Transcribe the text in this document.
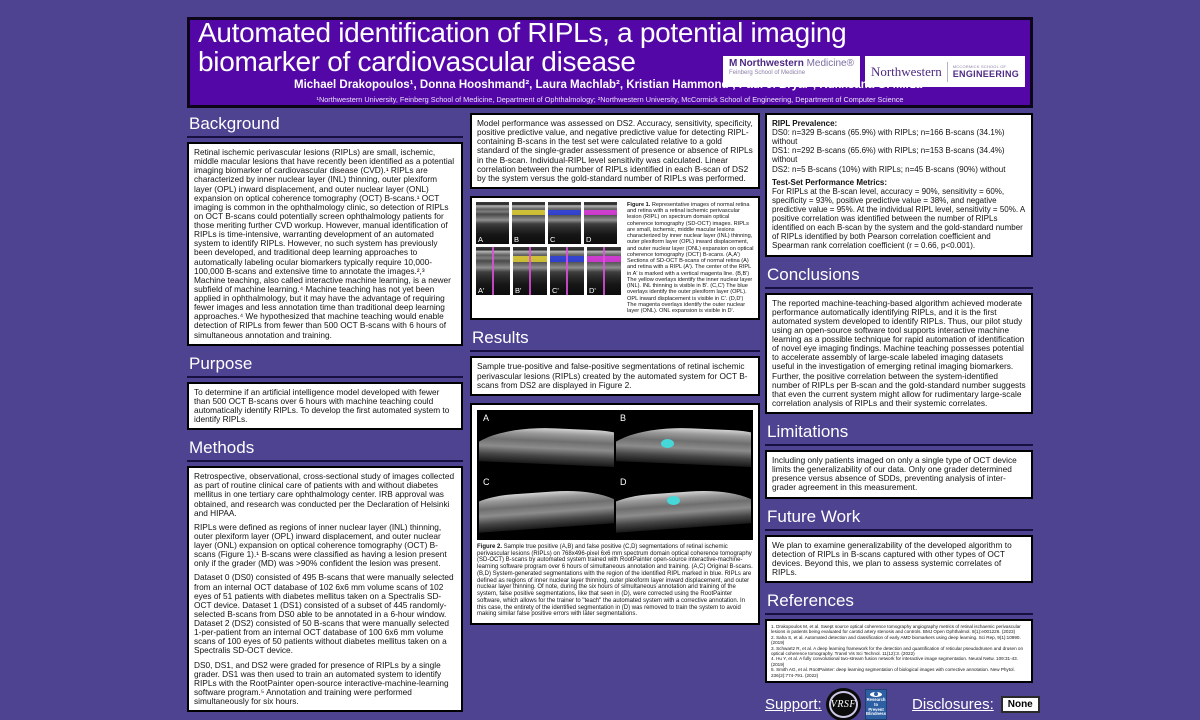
Automated identification of RIPLs, a potential imaging
biomarker of cardiovascular disease	M Northwestern Medicine®
Feinberg School of Medicine	Northwestern	MCCORMICK SCHOOL OF
ENGINEERING
Michael Drakopoulos¹, Donna Hooshmand², Laura Machlab², Kristian Hammond², Paul J. Bryar¹, Rukhsana G. Mirza¹
¹Northwestern University, Feinberg School of Medicine, Department of Ophthalmology; ²Northwestern University, McCormick School of Engineering, Department of Computer Science
Background
Retinal ischemic perivascular lesions (RIPLs) are small, ischemic, middle macular lesions that have recently been identified as a potential imaging biomarker of cardiovascular disease (CVD).¹ RIPLs are characterized by inner nuclear layer (INL) thinning, outer plexiform layer (OPL) inward displacement, and outer nuclear layer (ONL) expansion on optical coherence tomography (OCT) B-scans.¹ OCT imaging is common in the ophthalmology clinic, so detection of RIPLs on OCT B-scans could potentially screen ophthalmology patients for those meriting further CVD workup. However, manual identification of RIPLs is time-intensive, warranting development of an automated system to identify RIPLs. However, no such system has previously been developed, and traditional deep learning approaches to automatically labeling ocular biomarkers typically require 10,000-100,000 B-scans and extensive time to annotate the images.²,³ Machine teaching, also called interactive machine learning, is a newer subfield of machine learning.⁴ Machine teaching has not yet been applied in ophthalmology, but it may have the advantage of requiring fewer images and less annotation time than traditional deep learning approaches.⁴ We hypothesized that machine teaching would enable detection of RIPLs from fewer than 500 OCT B-scans with 6 hours of simultaneous annotation and training.
Purpose
To determine if an artificial intelligence model developed with fewer than 500 OCT B-scans over 6 hours with machine teaching could automatically identify RIPLs. To develop the first automated system to identify RIPLs.
Methods

Retrospective, observational, cross-sectional study of images collected as part of routine clinical care of patients with and without diabetes mellitus in one tertiary care ophthalmology center. IRB approval was obtained, and research was conducted per the Declaration of Helsinki and HIPAA.

RIPLs were defined as regions of inner nuclear layer (INL) thinning, outer plexiform layer (OPL) inward displacement, and outer nuclear layer (ONL) expansion on optical coherence tomography (OCT) B-scans (Figure 1).¹ B-scans were classified as having a lesion present only if the grader (MD) was >90% confident the lesion was present.

Dataset 0 (DS0) consisted of 495 B-scans that were manually selected from an internal OCT database of 102 6x6 mm volume scans of 102 eyes of 51 patients with diabetes mellitus taken on a Spectralis SD-OCT device. Dataset 1 (DS1) consisted of a subset of 445 randomly-selected B-scans from DS0 able to be annotated in a 6-hour window. Dataset 2 (DS2) consisted of 50 B-scans that were manually selected 1-per-patient from an internal OCT database of 100 6x6 mm volume scans of 100 eyes of 50 patients without diabetes mellitus taken on a Spectralis SD-OCT device.

DS0, DS1, and DS2 were graded for presence of RIPLs by a single grader. DS1 was then used to train an automated system to identify RIPLs with the RootPainter open-source interactive-machine-learning software program.⁵ Annotation and training were performed simultaneously for six hours.

Model performance was assessed on DS2. Accuracy, sensitivity, specificity, positive predictive value, and negative predictive value for detecting RIPL-containing B-scans in the test set were calculated relative to a gold standard of the single-grader assessment of presence or absence of RIPLs in the B-scan. Individual-RIPL level sensitivity was calculated. Linear correlation between the number of RIPLs identified in each B-scan of DS2 by the system versus the gold-standard number of RIPLs was performed.
A	B	C	D
A'	B'	C'	D'
Figure 1. Representative images of normal retina and retina with a retinal ischemic perivascular lesion (RIPL) on spectrum domain optical coherence tomography (SD-OCT) images. RIPLs are small, ischemic, middle macular lesions characterized by inner nuclear layer (INL) thinning, outer plexiform layer (OPL) inward displacement, and outer nuclear layer (ONL) expansion on optical coherence tomography (OCT) B-scans. (A,A') Sections of SD-OCT B-scans of normal retina (A) and retina with a RIPL (A'). The center of the RIPL in A' is marked with a vertical magenta line. (B,B') The yellow overlays identify the inner nuclear layer (INL). INL thinning is visible in B'. (C,C') The blue overlays identify the outer plexiform layer (OPL). OPL inward displacement is visible in C'. (D,D') The magenta overlays identify the outer nuclear layer (ONL). ONL expansion is visible in D'.
Results
Sample true-positive and false-positive segmentations of retinal ischemic perivascular lesions (RIPLs) created by the automated system for OCT B-scans from DS2 are displayed in Figure 2.
A	B
C	D
Figure 2. Sample true positive (A,B) and false positive (C,D) segmentations of retinal ischemic perivascular lesions (RIPLs) on 768x496-pixel 6x6 mm spectrum domain optical coherence tomography (SD-OCT) B-scans by automated system trained with RootPainter open-source interactive-machine-learning software program over 6 hours of simultaneous annotation and training. (A,C) Original B-scans. (B,D) System-generated segmentations with the region of the identified RIPL marked in blue. RIPLs are defined as regions of inner nuclear layer thinning, outer plexiform layer inward displacement, and outer nuclear layer thinning. Of note, during the six hours of simultaneous annotation and training of the system, false positive segmentations, like that seen in (D), were corrected using the RootPainter software, which allows for the trainer to "teach" the automated system with a corrective annotation. In this case, the entirety of the identified segmentation in (D) was removed to train the system to avoid making similar false positive errors with later segmentations.
RIPL Prevalence:
DS0: n=329 B-scans (65.9%) with RIPLs; n=166 B-scans (34.1%) without
DS1: n=292 B-scans (65.6%) with RIPLs; n=153 B-scans (34.4%) without
DS2: n=5 B-scans (10%) with RIPLs; n=45 B-scans (90%) without
Test-Set Performance Metrics:
For RIPLs at the B-scan level, accuracy = 90%, sensitivity = 60%, specificity = 93%, positive predictive value = 38%, and negative predictive value = 95%. At the individual RIPL level, sensitivity = 50%. A positive correlation was identified between the number of RIPLs identified on each B-scan by the system and the gold-standard number of RIPLs identified by both Pearson correlation coefficient and Spearman rank correlation coefficient (r = 0.66, p<0.001).
Conclusions
The reported machine-teaching-based algorithm achieved moderate performance automatically identifying RIPLs, and it is the first automated system developed to identify RIPLs. Thus, our pilot study using an open-source software tool supports interactive machine learning as a possible technique for rapid automation of identification of novel eye imaging findings. Machine teaching possesses potential to accelerate assembly of large-scale labeled imaging datasets useful in the investigation of emerging retinal imaging biomarkers. Further, the positive correlation between the system-identified number of RIPLs per B-scan and the gold-standard number suggests that even the current system might allow for rudimentary large-scale correlation analysis of RIPLs and their systemic correlates.
Limitations
Including only patients imaged on only a single type of OCT device limits the generalizability of our data. Only one grader determined presence versus absence of SDDs, preventing analysis of inter-grader agreement in this measurement.
Future Work
We plan to examine generalizability of the developed algorithm to detection of RIPLs in B-scans captured with other types of OCT devices. Beyond this, we plan to assess systemic correlates of RIPLs.
References
1. Drakopoulos M, et al. Swept source optical coherence tomography angiography metrics of retinal ischaemic perivascular lesions in patients being evaluated for carotid artery stenosis and controls. BMJ Open Ophthalmol. 8(1):e001226. (2023)
2. Saha S, et al. Automated detection and classification of early AMD biomarkers using deep learning. Sci Rep, 9(1):10990. (2019)
3. Schwartz R, et al. A deep learning framework for the detection and quantification of reticular pseudodrusen and drusen on optical coherence tomography. Transl Vis Sci Technol. 11(12):3. (2022)
4. Hu Y, et al. A fully convolutional two-stream fusion network for interactive image segmentation. Neural Netw. 109:31-43. (2019)
5. Smith AG, et al. RootPainter: deep learning segmentation of biological images with corrective annotation. New Phytol. 236(2):774-791. (2022)
Support: VRSF	Research to Prevent Blindness
Disclosures:	None
